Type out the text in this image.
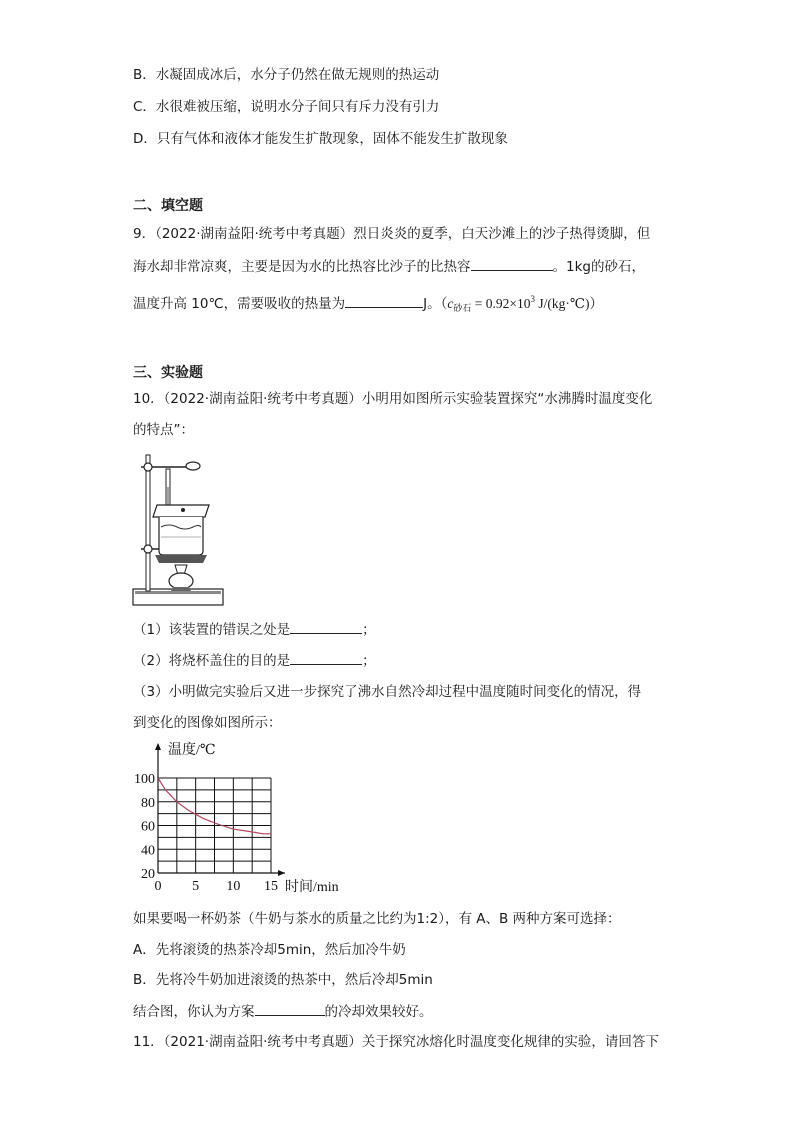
B．水凝固成冰后，水分子仍然在做无规则的热运动
C．水很难被压缩，说明水分子间只有斥力没有引力
D．只有气体和液体才能发生扩散现象，固体不能发生扩散现象
二、填空题
9．（2022·湖南益阳·统考中考真题）烈日炎炎的夏季，白天沙滩上的沙子热得烫脚，但
海水却非常凉爽，主要是因为水的比热容比沙子的比热容	。1kg的砂石，
温度升高 10℃，需要吸收的热量为	J。（$c_{砂石} = 0.92\times 10^3$ J/(kg·℃)）
三、实验题
10．（2022·湖南益阳·统考中考真题）小明用如图所示实验装置探究“水沸腾时温度变化
的特点”：
（1）该装置的错误之处是	；
（2）将烧杯盖住的目的是	；
（3）小明做完实验后又进一步探究了沸水自然冷却过程中温度随时间变化的情况，得
到变化的图像如图所示：
0 5 10 15
20
40
60
80
100
温度/℃
时间/min
如果要喝一杯奶茶（牛奶与茶水的质量之比约为1:2），有 A、B 两种方案可选择：
A．先将滚烫的热茶冷却5min，然后加冷牛奶
B．先将冷牛奶加进滚烫的热茶中，然后冷却5min
结合图，你认为方案	的冷却效果较好。
11．（2021·湖南益阳·统考中考真题）关于探究冰熔化时温度变化规律的实验，请回答下
